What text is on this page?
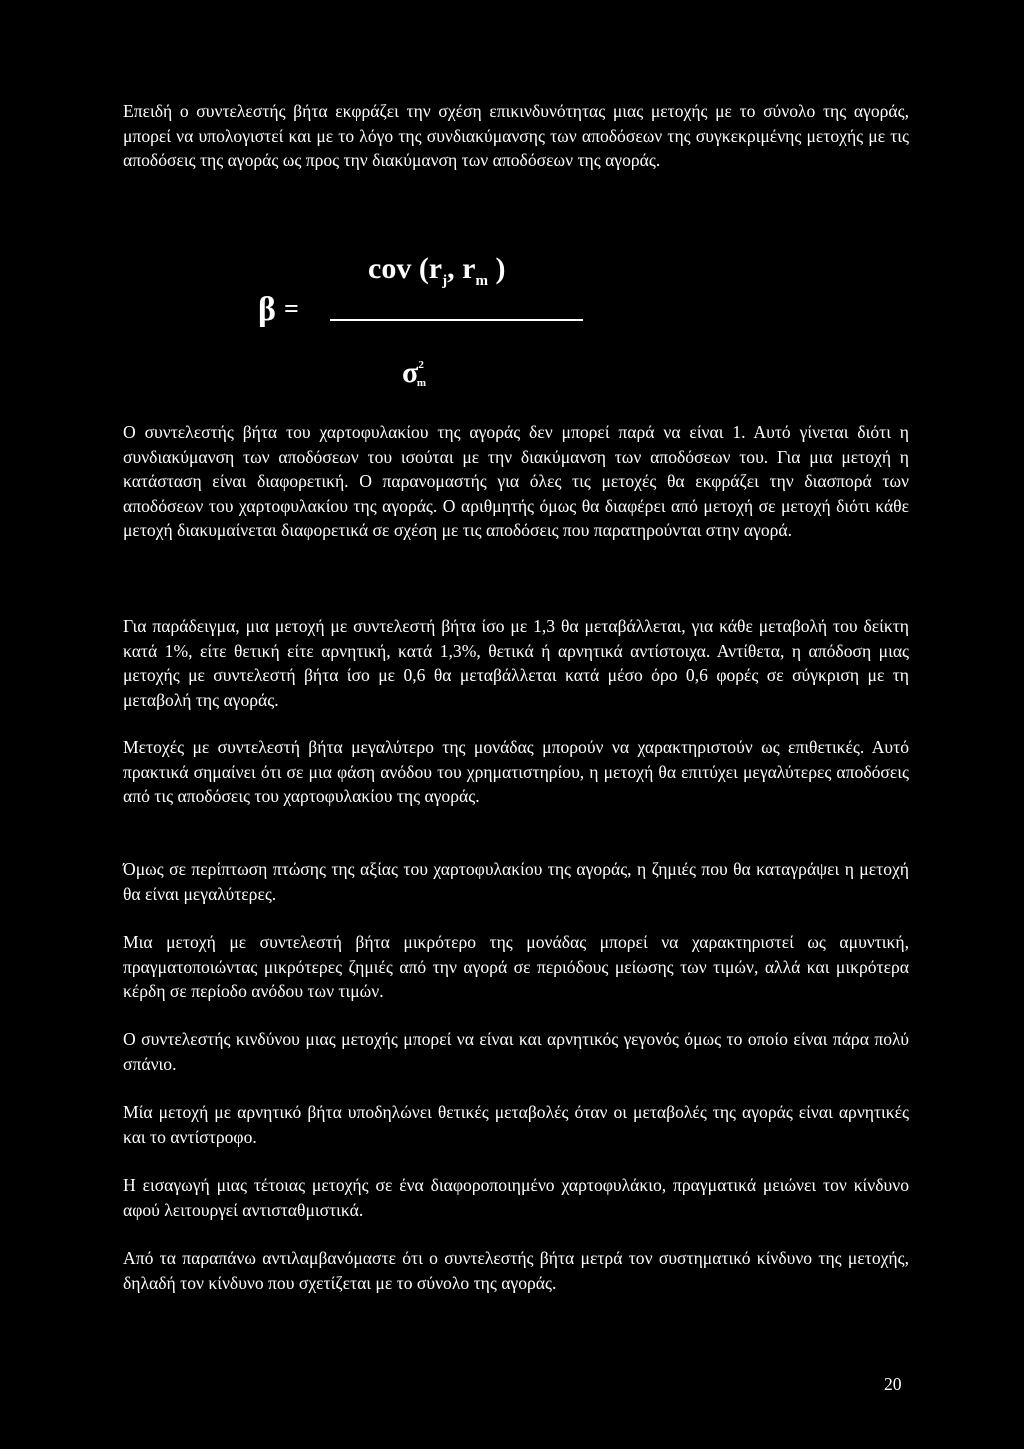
Επειδή ο συντελεστής βήτα εκφράζει την σχέση επικινδυνότητας μιας μετοχής με το σύνολο της αγοράς, μπορεί να υπολογιστεί και με το λόγο της συνδιακύμανσης των αποδόσεων της συγκεκριμένης μετοχής με τις αποδόσεις της αγοράς ως προς την διακύμανση των αποδόσεων της αγοράς.

β =
cov ($r_j$, $r_m$ )
$\sigma^2m$

Ο συντελεστής βήτα του χαρτοφυλακίου της αγοράς δεν μπορεί παρά να είναι 1. Αυτό γίνεται διότι η συνδιακύμανση των αποδόσεων του ισούται με την διακύμανση των αποδόσεων του. Για μια μετοχή η κατάσταση είναι διαφορετική. Ο παρανομαστής για όλες τις μετοχές θα εκφράζει την διασπορά των αποδόσεων του χαρτοφυλακίου της αγοράς. Ο αριθμητής όμως θα διαφέρει από μετοχή σε μετοχή διότι κάθε μετοχή διακυμαίνεται διαφορετικά σε σχέση με τις αποδόσεις που παρατηρούνται στην αγορά.

Για παράδειγμα, μια μετοχή με συντελεστή βήτα ίσο με 1,3 θα μεταβάλλεται, για κάθε μεταβολή του δείκτη κατά 1%, είτε θετική είτε αρνητική, κατά 1,3%, θετικά ή αρνητικά αντίστοιχα. Αντίθετα, η απόδοση μιας μετοχής με συντελεστή βήτα ίσο με 0,6 θα μεταβάλλεται κατά μέσο όρο 0,6 φορές σε σύγκριση με τη μεταβολή της αγοράς.

Μετοχές με συντελεστή βήτα μεγαλύτερο της μονάδας μπορούν να χαρακτηριστούν ως επιθετικές. Αυτό πρακτικά σημαίνει ότι σε μια φάση ανόδου του χρηματιστηρίου, η μετοχή θα επιτύχει μεγαλύτερες αποδόσεις από τις αποδόσεις του χαρτοφυλακίου της αγοράς.

Όμως σε περίπτωση πτώσης της αξίας του χαρτοφυλακίου της αγοράς, η ζημιές που θα καταγράψει η μετοχή θα είναι μεγαλύτερες.

Μια μετοχή με συντελεστή βήτα μικρότερο της μονάδας μπορεί να χαρακτηριστεί ως αμυντική, πραγματοποιώντας μικρότερες ζημιές από την αγορά σε περιόδους μείωσης των τιμών, αλλά και μικρότερα κέρδη σε περίοδο ανόδου των τιμών.

Ο συντελεστής κινδύνου μιας μετοχής μπορεί να είναι και αρνητικός γεγονός όμως το οποίο είναι πάρα πολύ σπάνιο.

Μία μετοχή με αρνητικό βήτα υποδηλώνει θετικές μεταβολές όταν οι μεταβολές της αγοράς είναι αρνητικές και το αντίστροφο.

Η εισαγωγή μιας τέτοιας μετοχής σε ένα διαφοροποιημένο χαρτοφυλάκιο, πραγματικά μειώνει τον κίνδυνο αφού λειτουργεί αντισταθμιστικά.

Από τα παραπάνω αντιλαμβανόμαστε ότι ο συντελεστής βήτα μετρά τον συστηματικό κίνδυνο της μετοχής, δηλαδή τον κίνδυνο που σχετίζεται με το σύνολο της αγοράς.

20
